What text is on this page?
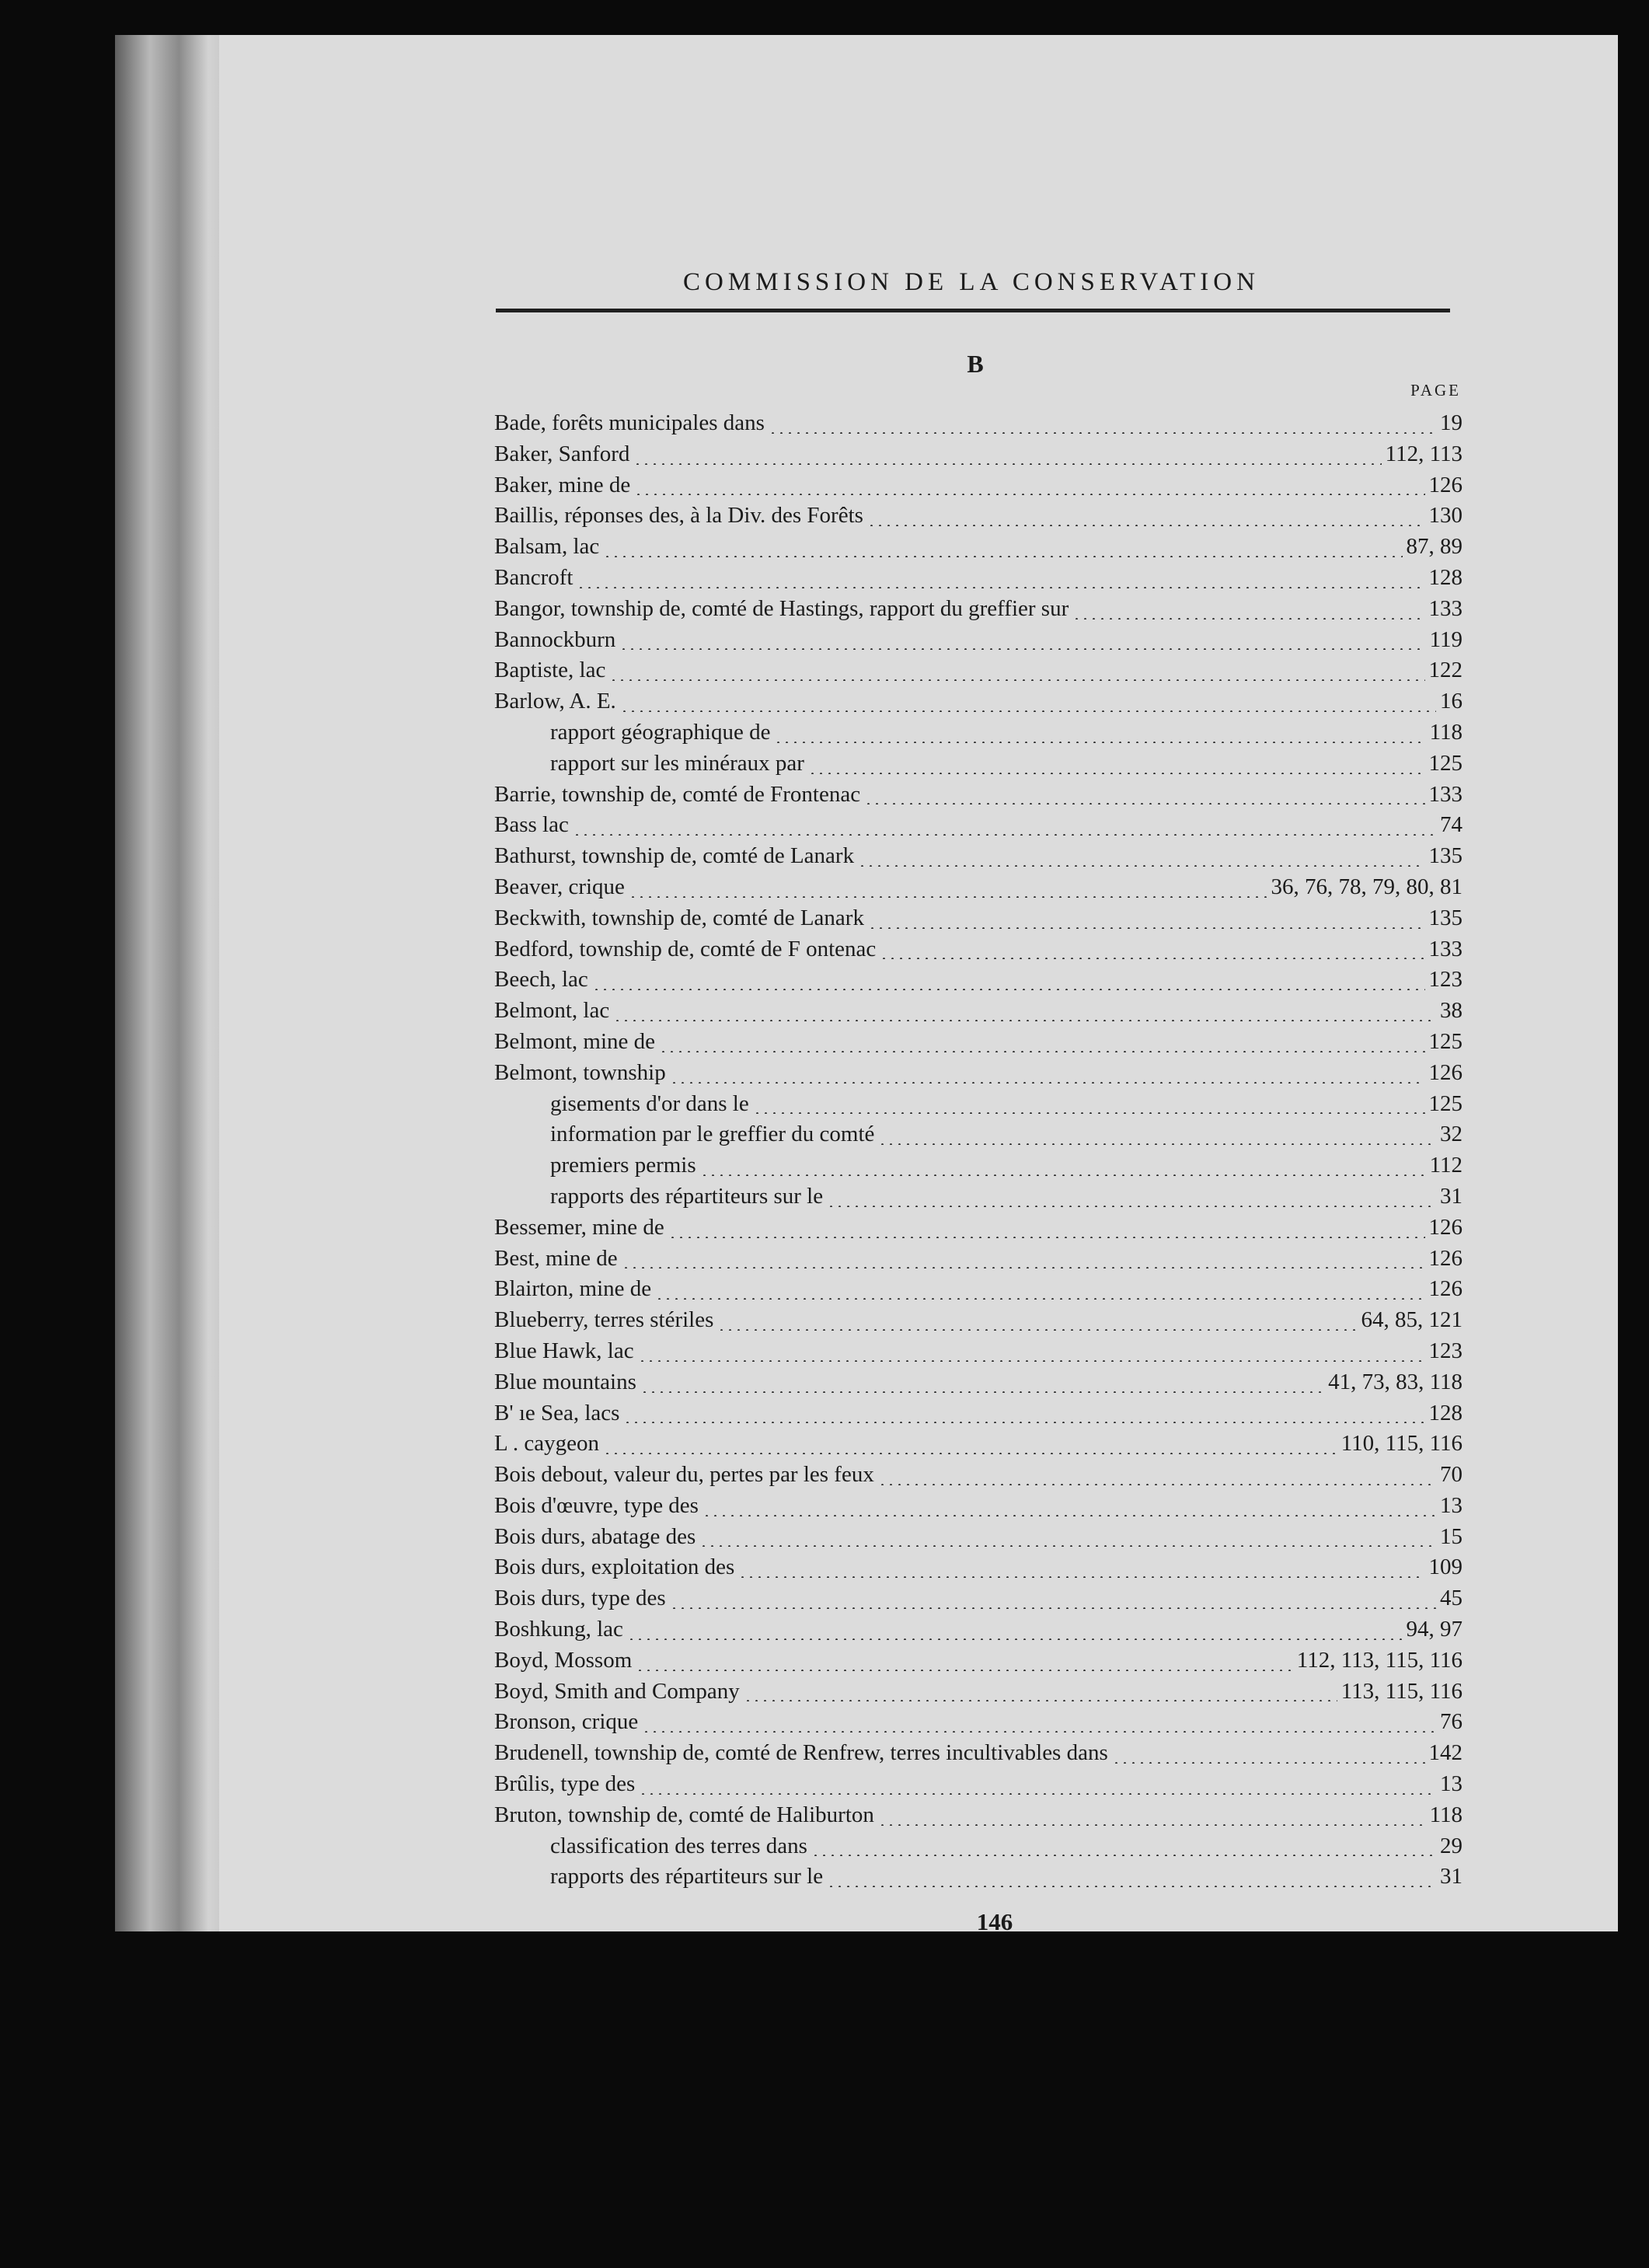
COMMISSION DE LA CONSERVATION
B
PAGE
Bade, forêts municipales dans	19
Baker, Sanford	112, 113
Baker, mine de	126
Baillis, réponses des, à la Div. des Forêts	130
Balsam, lac	87, 89
Bancroft	128
Bangor, township de, comté de Hastings, rapport du greffier sur	133
Bannockburn	119
Baptiste, lac	122
Barlow, A. E.	16
rapport géographique de	118
rapport sur les minéraux par	125
Barrie, township de, comté de Frontenac	133
Bass lac	74
Bathurst, township de, comté de Lanark	135
Beaver, crique	36, 76, 78, 79, 80, 81
Beckwith, township de, comté de Lanark	135
Bedford, township de, comté de F ontenac	133
Beech, lac	123
Belmont, lac	38
Belmont, mine de	125
Belmont, township	126
gisements d'or dans le	125
information par le greffier du comté	32
premiers permis	112
rapports des répartiteurs sur le	31
Bessemer, mine de	126
Best, mine de	126
Blairton, mine de	126
Blueberry, terres stériles	64, 85, 121
Blue Hawk, lac	123
Blue mountains	41, 73, 83, 118
B' ıe Sea, lacs	128
L . caygeon	110, 115, 116
Bois debout, valeur du, pertes par les feux	70
Bois d'œuvre, type des	13
Bois durs, abatage des	15
Bois durs, exploitation des	109
Bois durs, type des	45
Boshkung, lac	94, 97
Boyd, Mossom	112, 113, 115, 116
Boyd, Smith and Company	113, 115, 116
Bronson, crique	76
Brudenell, township de, comté de Renfrew, terres incultivables dans	142
Brûlis, type des	13
Bruton, township de, comté de Haliburton	118
classification des terres dans	29
rapports des répartiteurs sur le	31
146
